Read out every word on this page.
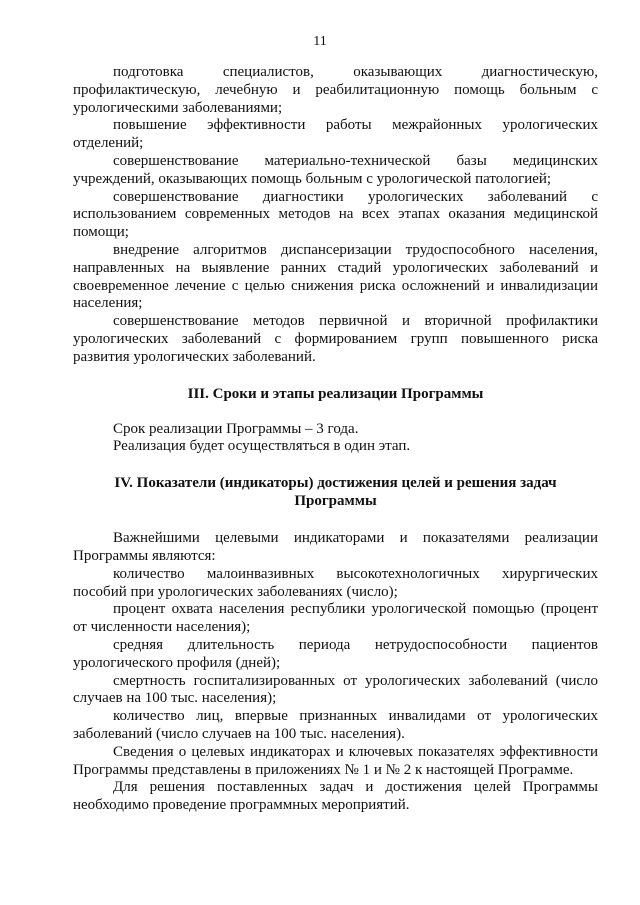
11

подготовка специалистов, оказывающих диагностическую, профилактическую, лечебную и реабилитационную помощь больным с урологическими заболеваниями;

повышение эффективности работы межрайонных урологических отделений;

совершенствование материально-технической базы медицинских учреждений, оказывающих помощь больным с урологической патологией;

совершенствование диагностики урологических заболеваний с использованием современных методов на всех этапах оказания медицинской помощи;

внедрение алгоритмов диспансеризации трудоспособного населения, направленных на выявление ранних стадий урологических заболеваний и своевременное лечение с целью снижения риска осложнений и инвалидизации населения;

совершенствование методов первичной и вторичной профилактики урологических заболеваний с формированием групп повышенного риска развития урологических заболеваний.

III. Сроки и этапы реализации Программы

Срок реализации Программы – 3 года.

Реализация будет осуществляться в один этап.

IV. Показатели (индикаторы) достижения целей и решения задач Программы

Важнейшими целевыми индикаторами и показателями реализации Программы являются:

количество малоинвазивных высокотехнологичных хирургических пособий при урологических заболеваниях (число);

процент охвата населения республики урологической помощью (процент от численности населения);

средняя длительность периода нетрудоспособности пациентов урологического профиля (дней);

смертность госпитализированных от урологических заболеваний (число случаев на 100 тыс. населения);

количество лиц, впервые признанных инвалидами от урологических заболеваний (число случаев на 100 тыс. населения).

Сведения о целевых индикаторах и ключевых показателях эффективности Программы представлены в приложениях № 1 и № 2 к настоящей Программе.

Для решения поставленных задач и достижения целей Программы необходимо проведение программных мероприятий.
